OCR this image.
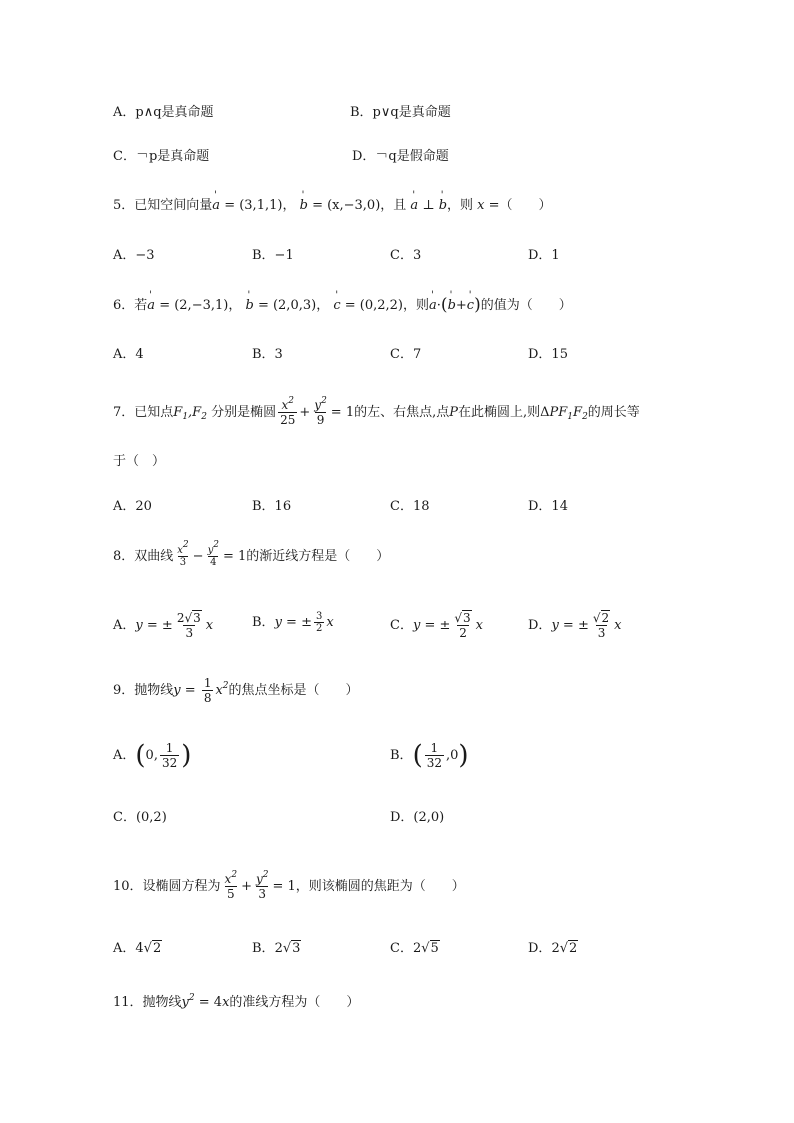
A．p∧q是真命题	B．p∨q是真命题
C．￢p是真命题	D．￢q是假命题
5．已知空间向量' a = (3,1,1)， ' b = (x,−3,0)，且 ' a ⊥ ' b，则 x =（　　）
A．−3	B．−1	C．3	D．1
6．若' a = (2,−3,1)， ' b = (2,0,3)， ' c = (0,2,2)，则' a·(' b+' c)的值为（　　）
A．4	B．3	C．7	D．15
7．已知点$F_1,F_2$ 分别是椭圆 $\frac{x^2}{25} + \frac{y^2}{9} = 1$的左、右焦点,点P在此椭圆上,则$\Delta PF_1F_2$的周长等
于（　）
A．20	B．16	C．18	D．14
8．双曲线 $\frac{x^2}{3} - \frac{y^2}{4} = 1$的渐近线方程是（　　）
A．y = ± $\frac{2√3}{3}$ x	B．y = ± $\frac{3}{2}$ x	C．y = ± $\frac{√3}{2}$ x	D．y = ± $\frac{√2}{3}$ x
9．抛物线$y = \frac{1}{8} x^2$的焦点坐标是（　　）
A．(0, $\frac{1}{32}$ )	B．( $\frac{1}{32} ,0$)
C．(0,2)	D．(2,0)
10．设椭圆方程为 $\frac{x^2}{5} + \frac{y^2}{3} = 1$，则该椭圆的焦距为（　　）
A．4√2	B．2√3	C．2√5	D．2√2
11．抛物线$y^2 = 4x$的准线方程为（　　）
